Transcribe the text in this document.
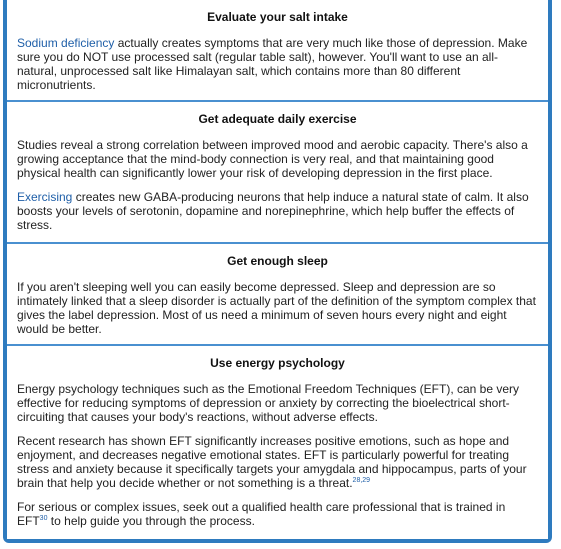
Evaluate your salt intake

Sodium deficiency actually creates symptoms that are very much like those of depression. Make sure you do NOT use processed salt (regular table salt), however. You'll want to use an all-natural, unprocessed salt like Himalayan salt, which contains more than 80 different micronutrients.

Get adequate daily exercise

Studies reveal a strong correlation between improved mood and aerobic capacity. There's also a growing acceptance that the mind-body connection is very real, and that maintaining good physical health can significantly lower your risk of developing depression in the first place.

Exercising creates new GABA-producing neurons that help induce a natural state of calm. It also boosts your levels of serotonin, dopamine and norepinephrine, which help buffer the effects of stress.

Get enough sleep

If you aren't sleeping well you can easily become depressed. Sleep and depression are so intimately linked that a sleep disorder is actually part of the definition of the symptom complex that gives the label depression. Most of us need a minimum of seven hours every night and eight would be better.

Use energy psychology

Energy psychology techniques such as the Emotional Freedom Techniques (EFT), can be very effective for reducing symptoms of depression or anxiety by correcting the bioelectrical short-circuiting that causes your body's reactions, without adverse effects.

Recent research has shown EFT significantly increases positive emotions, such as hope and enjoyment, and decreases negative emotional states. EFT is particularly powerful for treating stress and anxiety because it specifically targets your amygdala and hippocampus, parts of your brain that help you decide whether or not something is a threat.$^{28,29}$

For serious or complex issues, seek out a qualified health care professional that is trained in EFT$^{30}$ to help guide you through the process.
